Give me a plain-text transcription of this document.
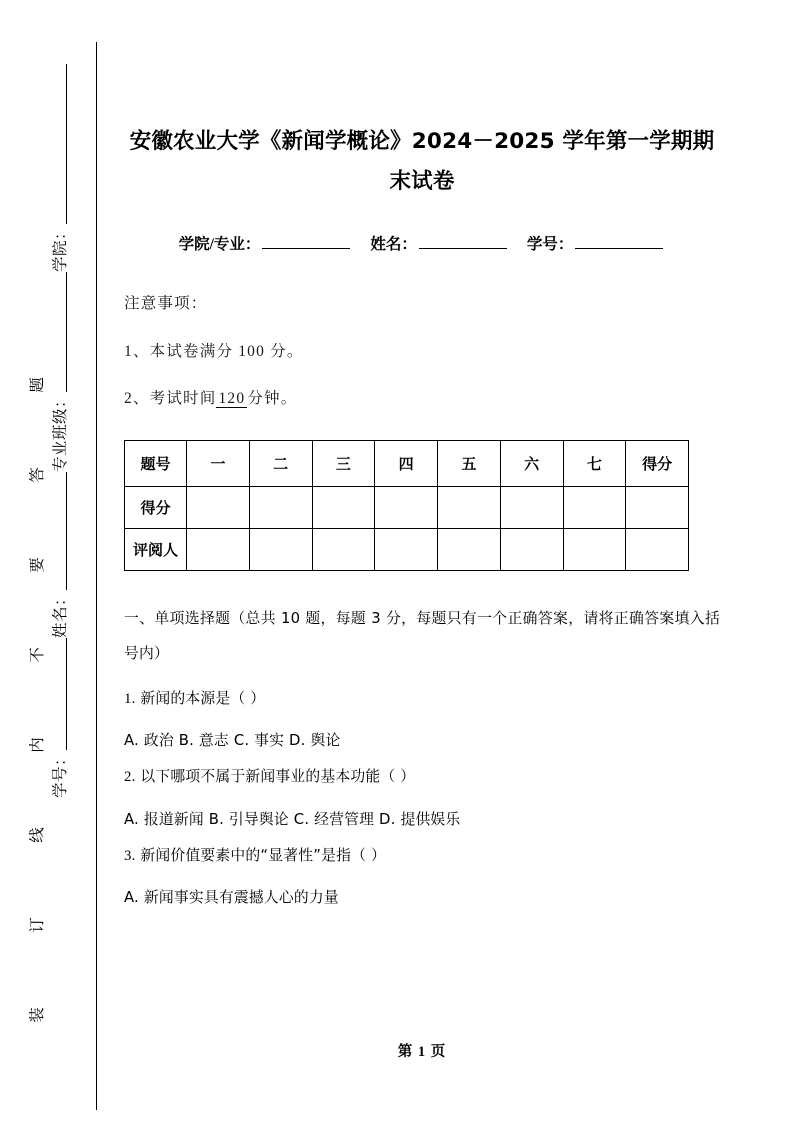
题
答
要
不
内
线
订
装
学号：
姓名：
专业班级：
学院：
安徽农业大学《新闻学概论》2024－2025 学年第一学期期末试卷
学院/专业：	姓名：	学号：
注意事项：
1、本试卷满分 100 分。
2、考试时间 120 分钟。
题号	一	二	三	四	五	六	七	得分
得分								
评阅人								
一、单项选择题（总共 10 题，每题 3 分，每题只有一个正确答案，请将正确答案填入括号内）
1. 新闻的本源是（ ）
A. 政治 B. 意志 C. 事实 D. 舆论
2. 以下哪项不属于新闻事业的基本功能（ ）
A. 报道新闻 B. 引导舆论 C. 经营管理 D. 提供娱乐
3. 新闻价值要素中的“显著性”是指（ ）
A. 新闻事实具有震撼人心的力量
第 1 页
